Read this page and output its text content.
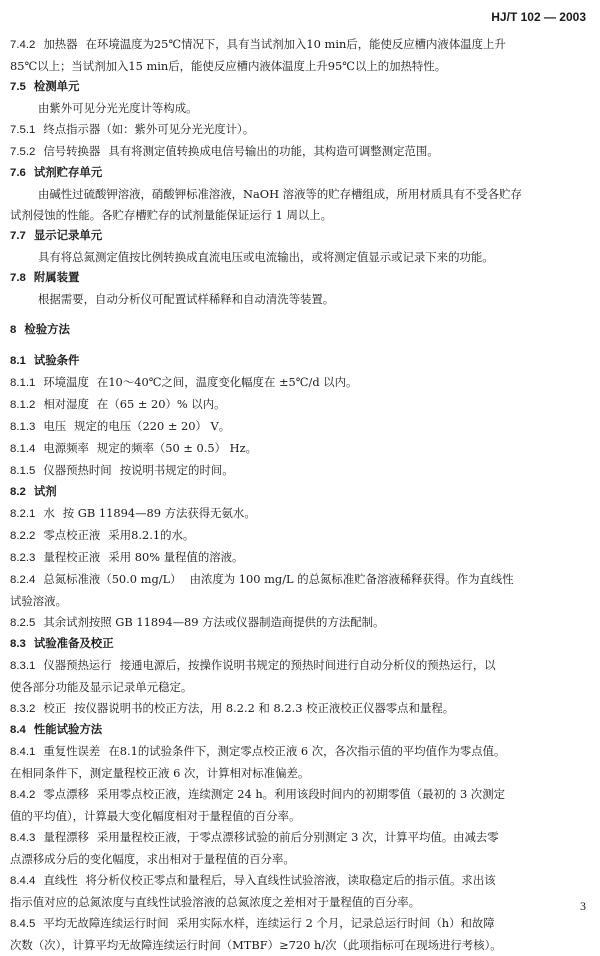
HJ/T 102 — 2003

7.4.2 加热器 在环境温度为25℃情况下，具有当试剂加入10 min后，能使反应槽内液体温度上升

85℃以上；当试剂加入15 min后，能使反应槽内液体温度上升95℃以上的加热特性。

7.5 检测单元

由紫外可见分光光度计等构成。

7.5.1 终点指示器（如：紫外可见分光光度计）。

7.5.2 信号转换器 具有将测定值转换成电信号输出的功能，其构造可调整测定范围。

7.6 试剂贮存单元

由碱性过硫酸钾溶液，硝酸钾标准溶液，NaOH 溶液等的贮存槽组成，所用材质具有不受各贮存

试剂侵蚀的性能。各贮存槽贮存的试剂量能保证运行 1 周以上。

7.7 显示记录单元

具有将总氮测定值按比例转换成直流电压或电流输出，或将测定值显示或记录下来的功能。

7.8 附属装置

根据需要，自动分析仪可配置试样稀释和自动清洗等装置。

8 检验方法

8.1 试验条件

8.1.1 环境温度 在10～40℃之间，温度变化幅度在 ±5℃/d 以内。

8.1.2 相对湿度 在（65 ± 20）% 以内。

8.1.3 电压 规定的电压（220 ± 20） V。

8.1.4 电源频率 规定的频率（50 ± 0.5） Hz。

8.1.5 仪器预热时间 按说明书规定的时间。

8.2 试剂

8.2.1 水 按 GB 11894—89 方法获得无氨水。

8.2.2 零点校正液 采用8.2.1的水。

8.2.3 量程校正液 采用 80% 量程值的溶液。

8.2.4 总氮标准液（50.0 mg/L） 由浓度为 100 mg/L 的总氮标准贮备溶液稀释获得。作为直线性

试验溶液。

8.2.5 其余试剂按照 GB 11894—89 方法或仪器制造商提供的方法配制。

8.3 试验准备及校正

8.3.1 仪器预热运行 接通电源后，按操作说明书规定的预热时间进行自动分析仪的预热运行，以

使各部分功能及显示记录单元稳定。

8.3.2 校正 按仪器说明书的校正方法，用 8.2.2 和 8.2.3 校正液校正仪器零点和量程。

8.4 性能试验方法

8.4.1 重复性误差 在8.1的试验条件下，测定零点校正液 6 次，各次指示值的平均值作为零点值。

在相同条件下，测定量程校正液 6 次，计算相对标准偏差。

8.4.2 零点漂移 采用零点校正液，连续测定 24 h。利用该段时间内的初期零值（最初的 3 次测定

值的平均值），计算最大变化幅度相对于量程值的百分率。

8.4.3 量程漂移 采用量程校正液，于零点漂移试验的前后分别测定 3 次，计算平均值。由减去零

点漂移成分后的变化幅度，求出相对于量程值的百分率。

8.4.4 直线性 将分析仪校正零点和量程后，导入直线性试验溶液，读取稳定后的指示值。求出该

指示值对应的总氮浓度与直线性试验溶液的总氮浓度之差相对于量程值的百分率。

8.4.5 平均无故障连续运行时间 采用实际水样，连续运行 2 个月，记录总运行时间（h）和故障

次数（次），计算平均无故障连续运行时间（MTBF）≥720 h/次（此项指标可在现场进行考核）。

3
